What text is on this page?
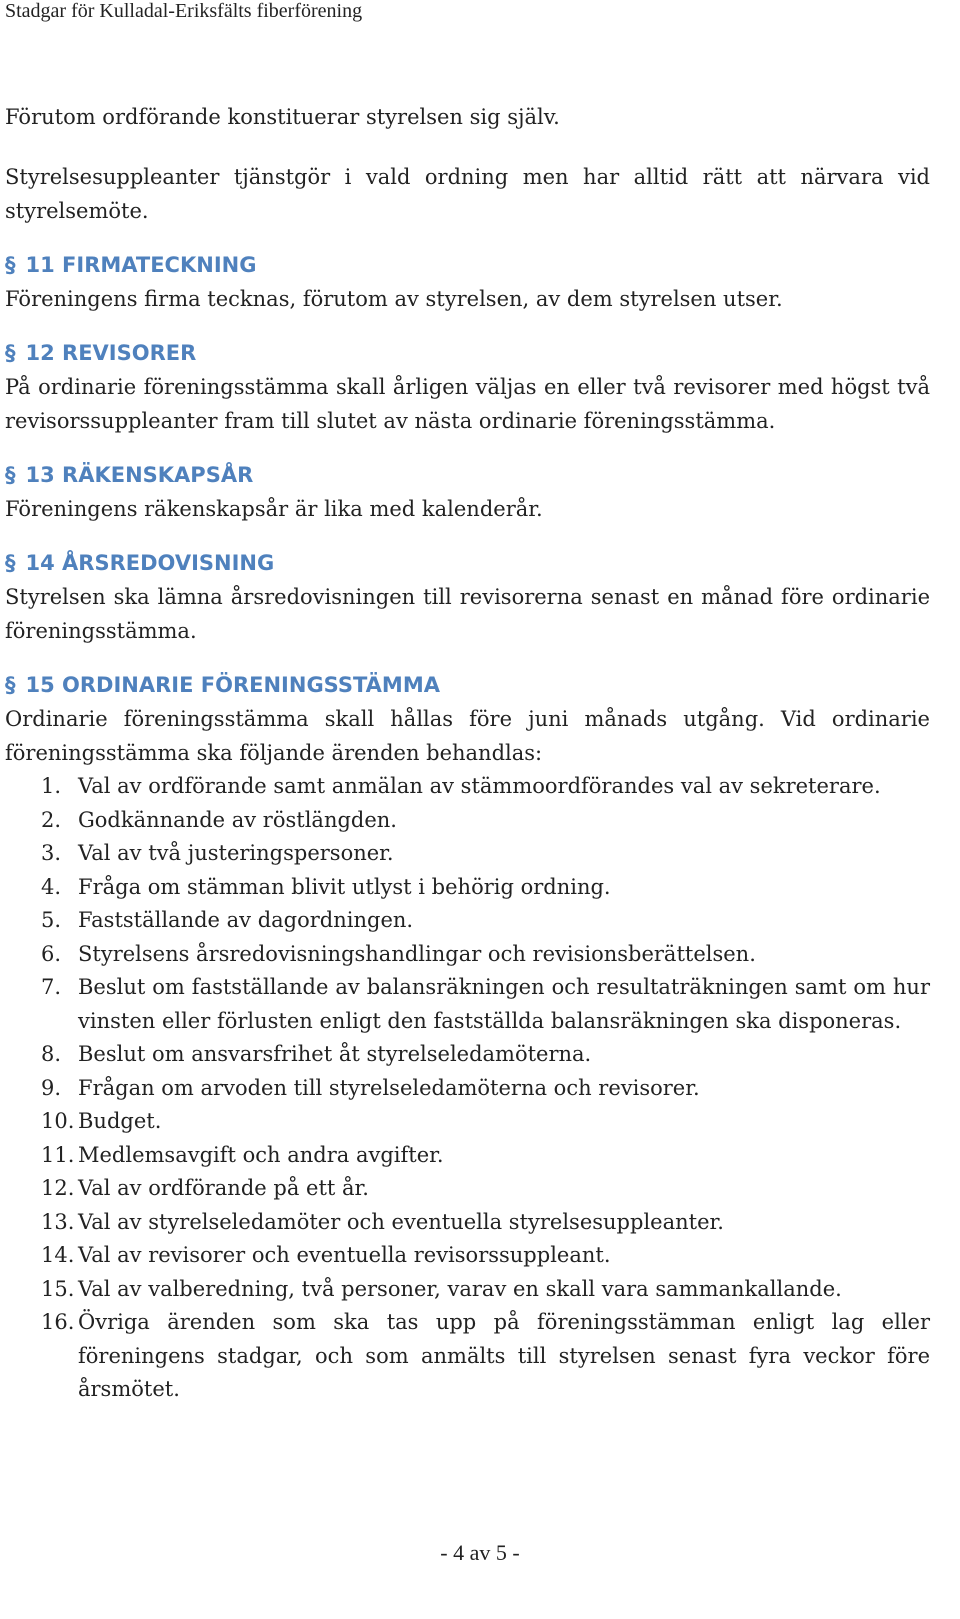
Stadgar för Kulladal-Eriksfälts fiberförening

Förutom ordförande konstituerar styrelsen sig själv.

Styrelsesuppleanter tjänstgör i vald ordning men har alltid rätt att närvara vid styrelsemöte.

§ 11 FIRMATECKNING

Föreningens firma tecknas, förutom av styrelsen, av dem styrelsen utser.

§ 12 REVISORER

På ordinarie föreningsstämma skall årligen väljas en eller två revisorer med högst två revisorssuppleanter fram till slutet av nästa ordinarie föreningsstämma.

§ 13 RÄKENSKAPSÅR

Föreningens räkenskapsår är lika med kalenderår.

§ 14 ÅRSREDOVISNING

Styrelsen ska lämna årsredovisningen till revisorerna senast en månad före ordinarie föreningsstämma.

§ 15 ORDINARIE FÖRENINGSSTÄMMA

Ordinarie föreningsstämma skall hållas före juni månads utgång. Vid ordinarie föreningsstämma ska följande ärenden behandlas:

1. Val av ordförande samt anmälan av stämmoordförandes val av sekreterare.
2. Godkännande av röstlängden.
3. Val av två justeringspersoner.
4. Fråga om stämman blivit utlyst i behörig ordning.
5. Fastställande av dagordningen.
6. Styrelsens årsredovisningshandlingar och revisionsberättelsen.
7. Beslut om fastställande av balansräkningen och resultaträkningen samt om hur vinsten eller förlusten enligt den fastställda balansräkningen ska disponeras.
8. Beslut om ansvarsfrihet åt styrelseledamöterna.
9. Frågan om arvoden till styrelseledamöterna och revisorer.
10. Budget.
11. Medlemsavgift och andra avgifter.
12. Val av ordförande på ett år.
13. Val av styrelseledamöter och eventuella styrelsesuppleanter.
14. Val av revisorer och eventuella revisorssuppleant.
15. Val av valberedning, två personer, varav en skall vara sammankallande.
16. Övriga ärenden som ska tas upp på föreningsstämman enligt lag eller föreningens stadgar, och som anmälts till styrelsen senast fyra veckor före årsmötet.
- 4 av 5 -
